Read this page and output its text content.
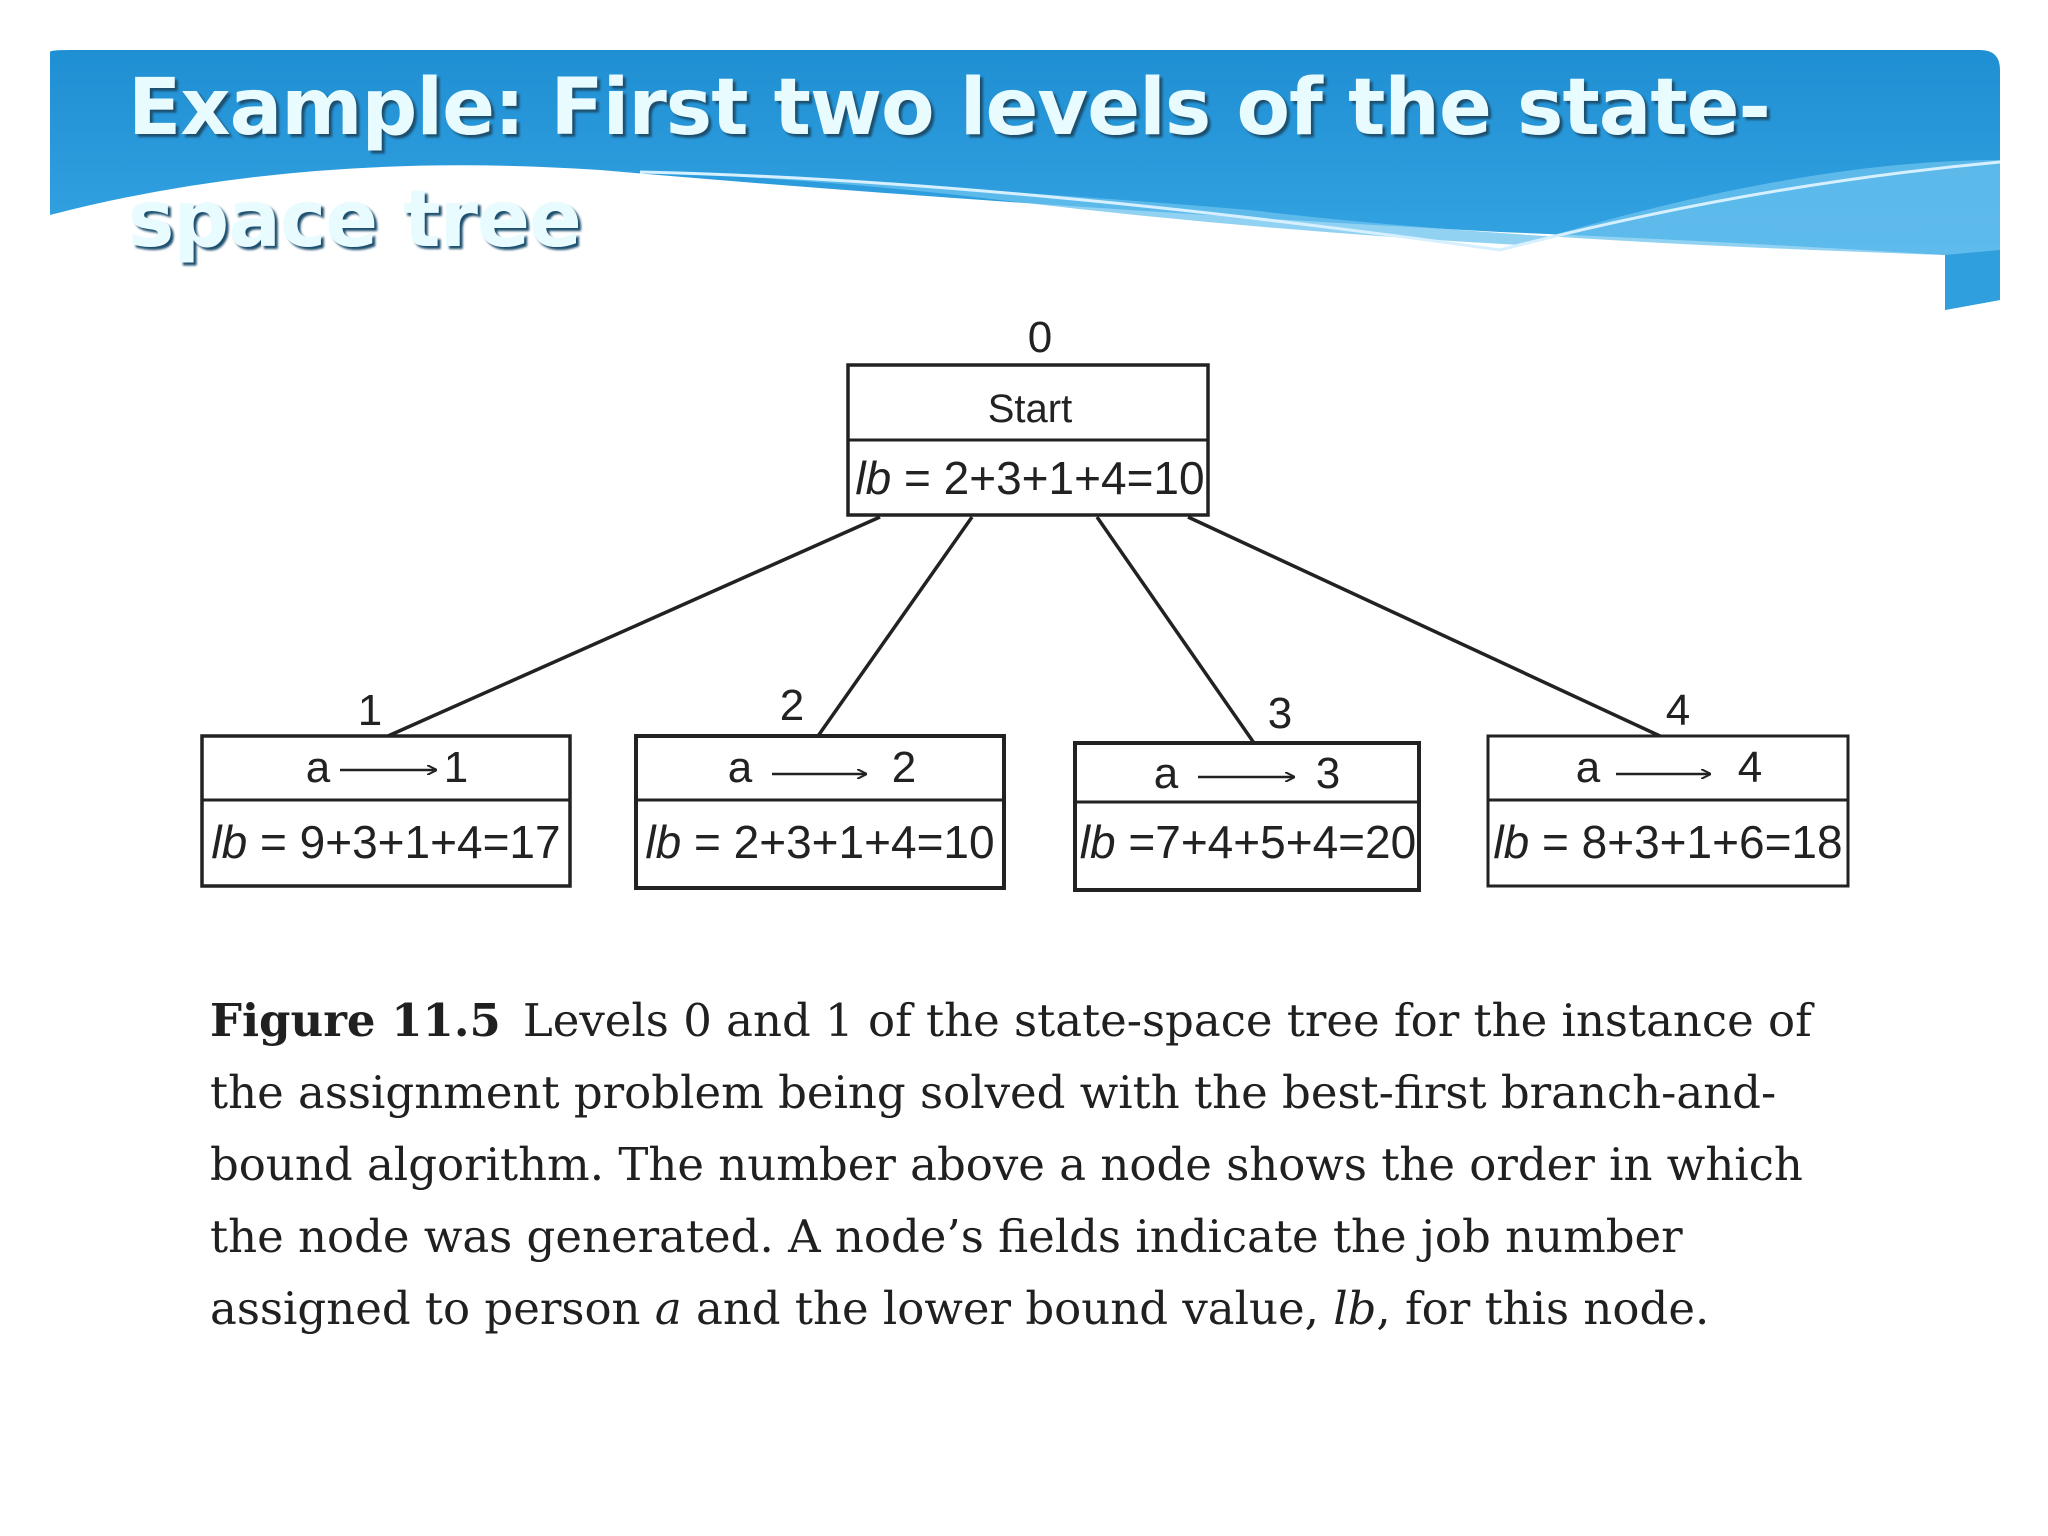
0
Start
lb = 2+3+1+4=10
1
a	1
lb = 9+3+1+4=17
2
a	2
lb = 2+3+1+4=10
3
a	3
lb =7+4+5+4=20
4
a	4
lb = 8+3+1+6=18
Example: First two levels of the state-space tree

Figure 11.5 Levels 0 and 1 of the state-space tree for the instance of the assignment problem being solved with the best-first branch-and-bound algorithm. The number above a node shows the order in which the node was generated. A node’s fields indicate the job number assigned to person a and the lower bound value, lb, for this node.
